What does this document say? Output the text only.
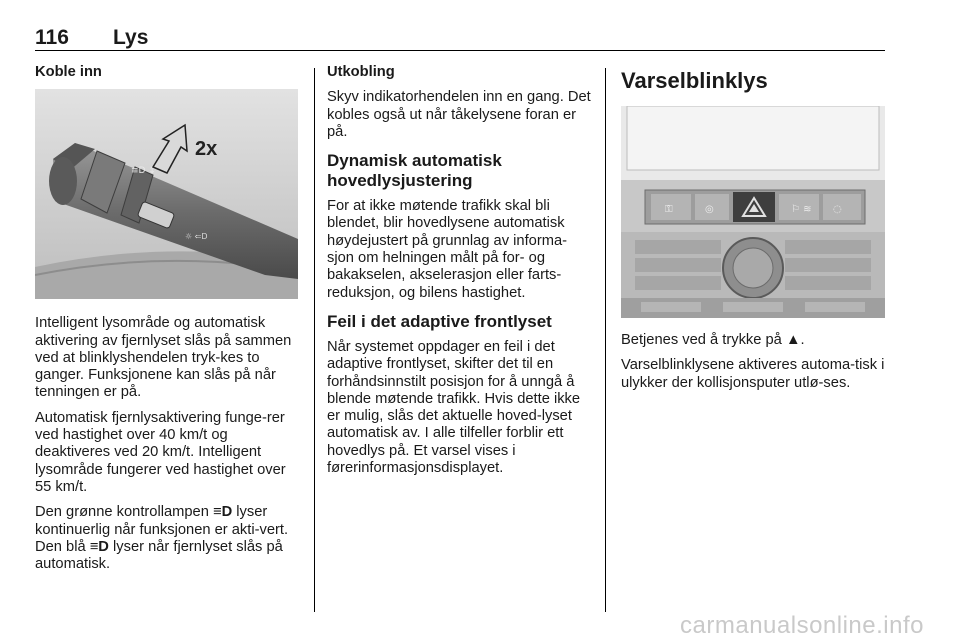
116 Lys

Koble inn

≡D ↕
☼ ⇐D
2x

Intelligent lysområde og automatisk aktivering av fjernlyset slås på sammen ved at blinklyshendelen tryk-kes to ganger. Funksjonene kan slås på når tenningen er på.

Automatisk fjernlysaktivering funge-rer ved hastighet over 40 km/t og deaktiveres ved 20 km/t. Intelligent lysområde fungerer ved hastighet over 55 km/t.

Den grønne kontrollampen ≡D lyser kontinuerlig når funksjonen er akti-vert. Den blå ≡D lyser når fjernlyset slås på automatisk.

Utkobling

Skyv indikatorhendelen inn en gang. Det kobles også ut når tåkelysene foran er på.

Dynamisk automatisk hovedlysjustering

For at ikke møtende trafikk skal bli blendet, blir hovedlysene automatisk høydejustert på grunnlag av informa-sjon om helningen målt på for- og bakakselen, akselerasjon eller farts-reduksjon, og bilens hastighet.

Feil i det adaptive frontlyset

Når systemet oppdager en feil i det adaptive frontlyset, skifter det til en forhåndsinnstilt posisjon for å unngå å blende møtende trafikk. Hvis dette ikke er mulig, slås det aktuelle hoved-lyset automatisk av. I alle tilfeller forblir ett hovedlys på. Et varsel vises i førerinformasjonsdisplayet.

Varselblinklys
⚿	◎	⚐ ≋ ◌

Betjenes ved å trykke på ▲.

Varselblinklysene aktiveres automa-tisk i ulykker der kollisjonsputer utlø-ses.

carmanualsonline.info
